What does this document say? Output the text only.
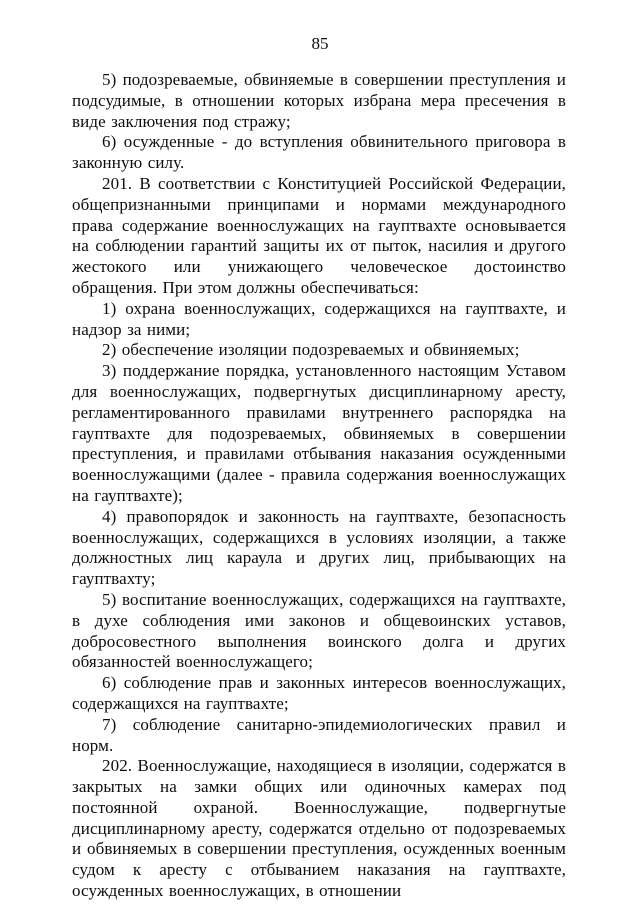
85

5) подозреваемые, обвиняемые в совершении преступления и подсудимые, в отношении которых избрана мера пресечения в виде заключения под стражу;

6) осужденные - до вступления обвинительного приговора в законную силу.

201. В соответствии с Конституцией Российской Федерации, общепризнанными принципами и нормами международного права содержание военнослужащих на гауптвахте основывается на соблюдении гарантий защиты их от пыток, насилия и другого жестокого или унижающего человеческое достоинство обращения. При этом должны обеспечиваться:

1) охрана военнослужащих, содержащихся на гауптвахте, и надзор за ними;

2) обеспечение изоляции подозреваемых и обвиняемых;

3) поддержание порядка, установленного настоящим Уставом для военнослужащих, подвергнутых дисциплинарному аресту, регламентированного правилами внутреннего распорядка на гауптвахте для подозреваемых, обвиняемых в совершении преступления, и правилами отбывания наказания осужденными военнослужащими (далее - правила содержания военнослужащих на гауптвахте);

4) правопорядок и законность на гауптвахте, безопасность военнослужащих, содержащихся в условиях изоляции, а также должностных лиц караула и других лиц, прибывающих на гауптвахту;

5) воспитание военнослужащих, содержащихся на гауптвахте, в духе соблюдения ими законов и общевоинских уставов, добросовестного выполнения воинского долга и других обязанностей военнослужащего;

6) соблюдение прав и законных интересов военнослужащих, содержащихся на гауптвахте;

7) соблюдение санитарно-эпидемиологических правил и норм.

202. Военнослужащие, находящиеся в изоляции, содержатся в закрытых на замки общих или одиночных камерах под постоянной охраной. Военнослужащие, подвергнутые дисциплинарному аресту, содержатся отдельно от подозреваемых и обвиняемых в совершении преступления, осужденных военным судом к аресту с отбыванием наказания на гауптвахте, осужденных военнослужащих, в отношении
